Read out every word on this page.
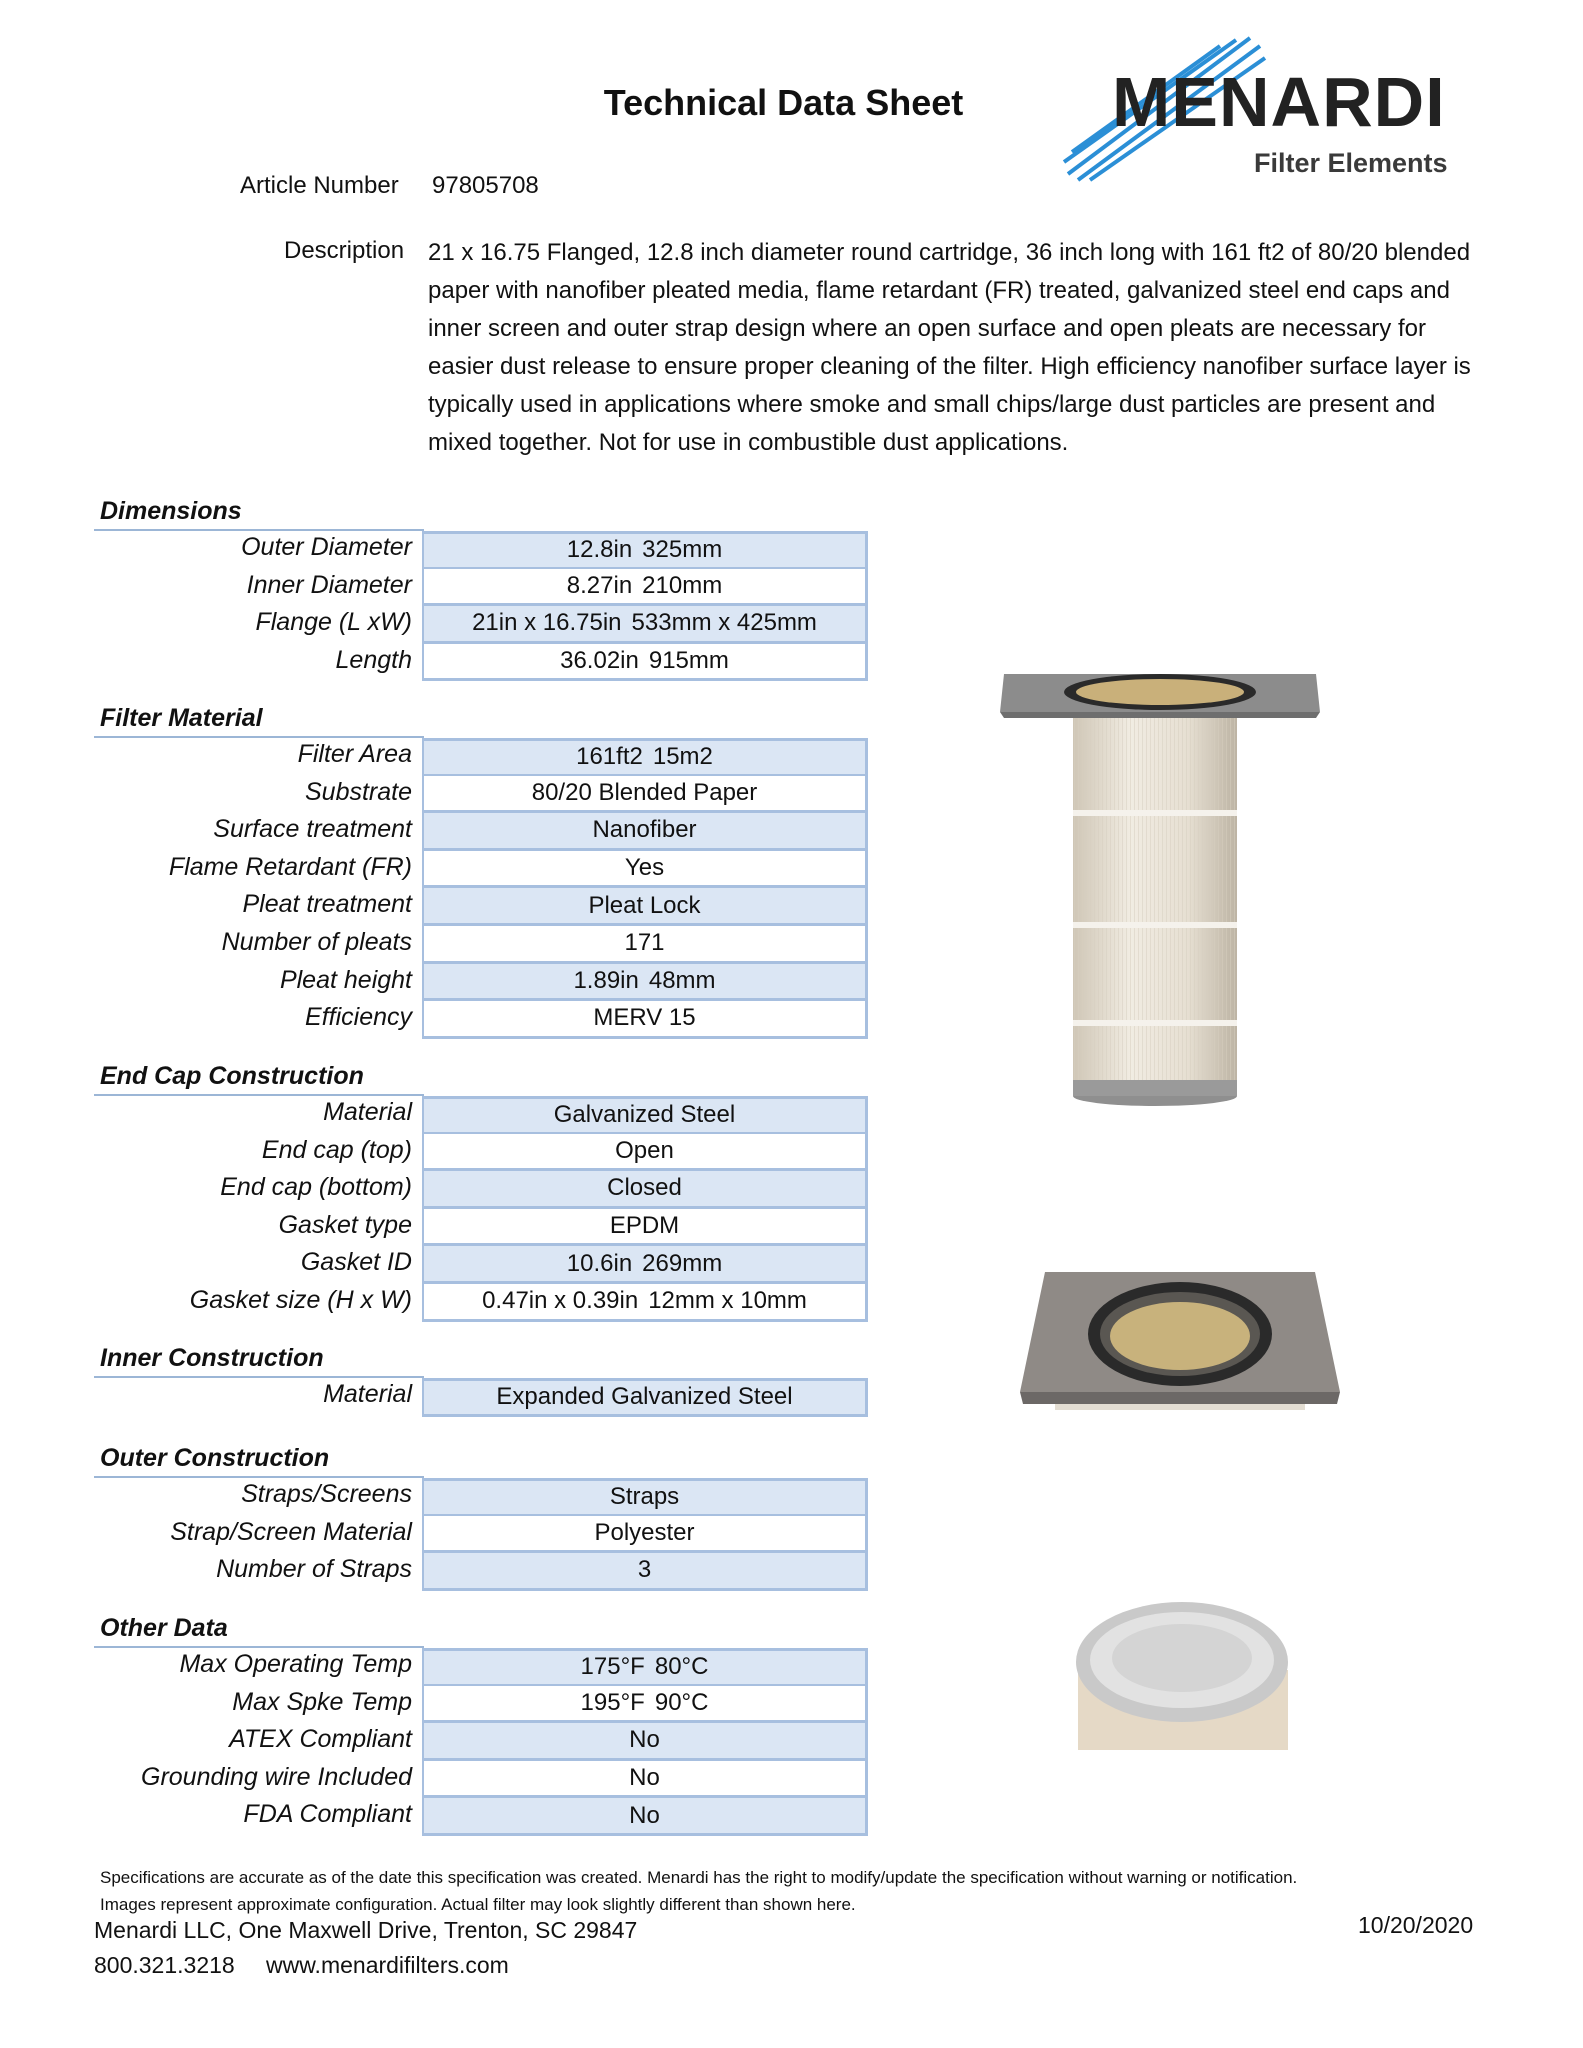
Technical Data Sheet	MENARDI
Filter Elements
Article Number 97805708
Description 21 x 16.75 Flanged, 12.8 inch diameter round cartridge, 36 inch long with 161 ft2 of 80/20 blended paper with nanofiber pleated media, flame retardant (FR) treated, galvanized steel end caps and inner screen and outer strap design where an open surface and open pleats are necessary for easier dust release to ensure proper cleaning of the filter. High efficiency nanofiber surface layer is typically used in applications where smoke and small chips/large dust particles are present and mixed together. Not for use in combustible dust applications.
Dimensions
Outer Diameter	12.8in 325mm
Inner Diameter	8.27in 210mm
Flange (L xW)	21in x 16.75in 533mm x 425mm
Length	36.02in 915mm
Filter Material
Filter Area	161ft2 15m2
Substrate	80/20 Blended Paper
Surface treatment	Nanofiber
Flame Retardant (FR)	Yes
Pleat treatment	Pleat Lock
Number of pleats	171
Pleat height	1.89in 48mm
Efficiency	MERV 15
End Cap Construction
Material	Galvanized Steel
End cap (top)	Open
End cap (bottom)	Closed
Gasket type	EPDM
Gasket ID	10.6in 269mm
Gasket size (H x W)	0.47in x 0.39in 12mm x 10mm
Inner Construction
Material	Expanded Galvanized Steel
Outer Construction
Straps/Screens	Straps
Strap/Screen Material	Polyester
Number of Straps	3
Other Data
Max Operating Temp	175°F 80°C
Max Spke Temp	195°F 90°C
ATEX Compliant	No
Grounding wire Included	No
FDA Compliant	No
Specifications are accurate as of the date this specification was created. Menardi has the right to modify/update the specification without warning or notification.
Images represent approximate configuration. Actual filter may look slightly different than shown here.
Menardi LLC, One Maxwell Drive, Trenton, SC 29847
800.321.3218 www.menardifilters.com
10/20/2020
